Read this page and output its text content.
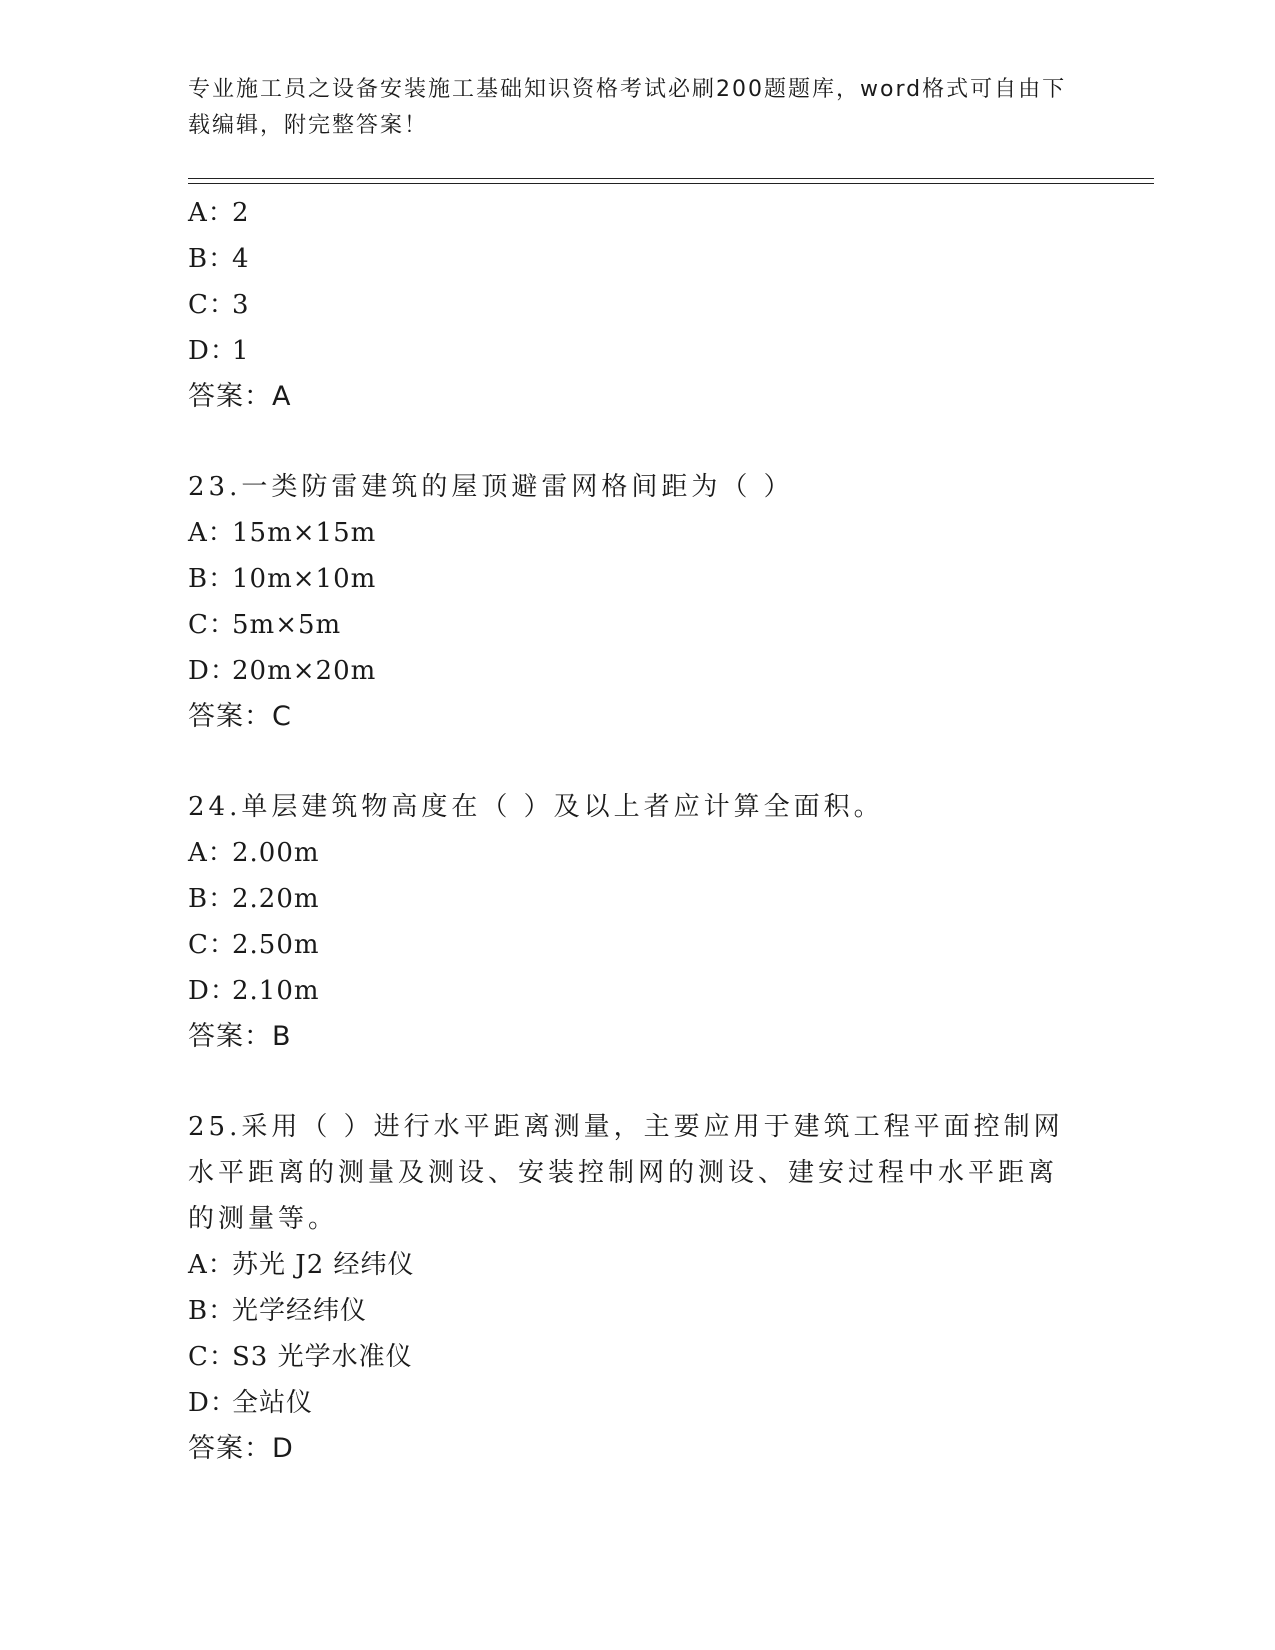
专业施工员之设备安装施工基础知识资格考试必刷200题题库，word格式可自由下载编辑，附完整答案！
A：2
B：4
C：3
D：1
答案：A
23.一类防雷建筑的屋顶避雷网格间距为（ ）
A：15m×15m
B：10m×10m
C：5m×5m
D：20m×20m
答案：C
24.单层建筑物高度在（ ）及以上者应计算全面积。
A：2.00m
B：2.20m
C：2.50m
D：2.10m
答案：B
25.采用（ ）进行水平距离测量，主要应用于建筑工程平面控制网水平距离的测量及测设、安装控制网的测设、建安过程中水平距离的测量等。
A：苏光 J2 经纬仪
B：光学经纬仪
C：S3 光学水准仪
D：全站仪
答案：D
